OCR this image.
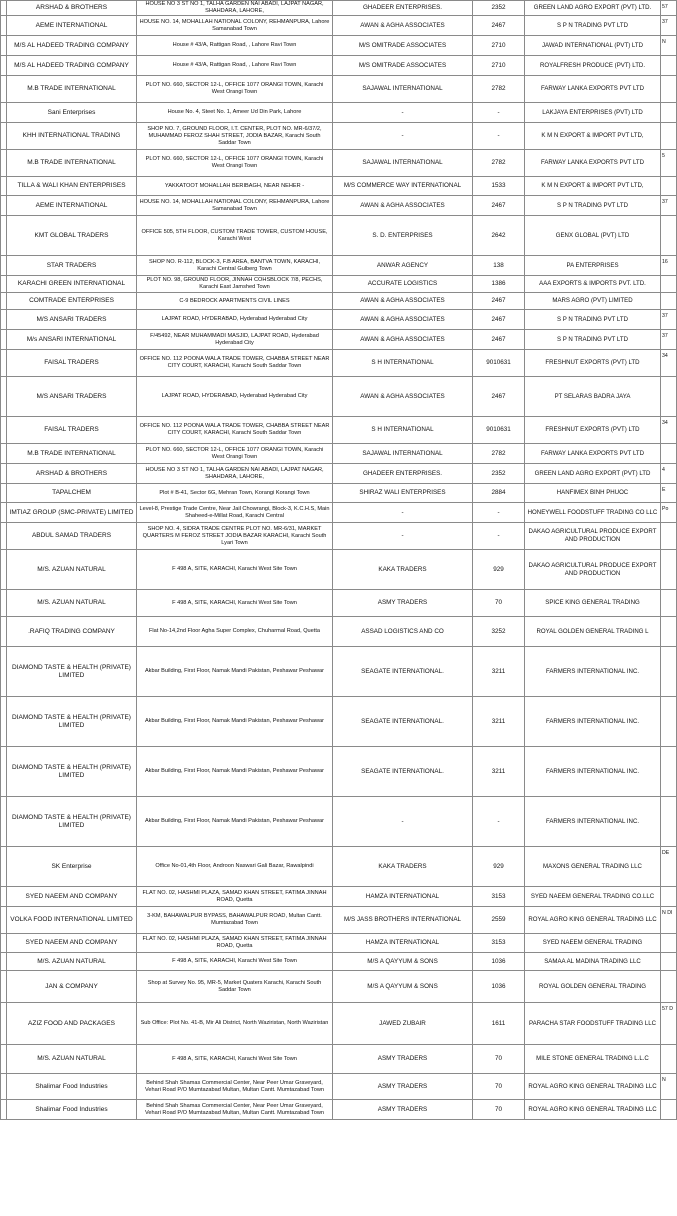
	ARSHAD & BROTHERS	HOUSE NO 3 ST NO 1, TALHA GARDEN NAI ABADI, LAJPAT NAGAR, SHAHDARA, LAHORE,	GHADEER ENTERPRISES.	2352	GREEN LAND AGRO EXPORT (PVT) LTD.	57
	AEME INTERNATIONAL	HOUSE NO. 14, MOHALLAH NATIONAL COLONY, REHMANPURA, Lahore Samanabad Town	AWAN & AGHA ASSOCIATES	2467	S P N TRADING PVT LTD	37
	M/S AL HADEED TRADING COMPANY	House # 43/A, Rattigan Road, , Lahore Ravi Town	M/S OMITRADE ASSOCIATES	2710	JAWAD INTERNATIONAL (PVT) LTD	N
	M/S AL HADEED TRADING COMPANY	House # 43/A, Rattigan Road, , Lahore Ravi Town	M/S OMITRADE ASSOCIATES	2710	ROYALFRESH PRODUCE (PVT) LTD.	
	M.B TRADE INTERNATIONAL	PLOT NO. 660, SECTOR 12-L, OFFICE 1077 ORANGI TOWN, Karachi West Orangi Town	SAJAWAL INTERNATIONAL	2782	FARWAY LANKA EXPORTS PVT LTD	
	Sani Enterprises	House No. 4, Steet No. 1, Ameer Ud Din Park, Lahore	-	-	LAKJAYA ENTERPRISES (PVT) LTD	
	KHH INTERNATIONAL TRADING	SHOP NO. 7, GROUND FLOOR, I.T. CENTER, PLOT NO. MR-6/37/2, MUHAMMAD FEROZ SHAH STREET, JODIA BAZAR, Karachi South Saddar Town	-	-	K M N EXPORT & IMPORT PVT LTD,	
	M.B TRADE INTERNATIONAL	PLOT NO. 660, SECTOR 12-L, OFFICE 1077 ORANGI TOWN, Karachi West Orangi Town	SAJAWAL INTERNATIONAL	2782	FARWAY LANKA EXPORTS PVT LTD	5
	TILLA & WALI KHAN ENTERPRISES	YAKKATOOT MOHALLAH BERIBAGH, NEAR NEHER -	M/S COMMERCE WAY INTERNATIONAL	1533	K M N EXPORT & IMPORT PVT LTD,	
	AEME INTERNATIONAL	HOUSE NO. 14, MOHALLAH NATIONAL COLONY, REHMANPURA, Lahore Samanabad Town	AWAN & AGHA ASSOCIATES	2467	S P N TRADING PVT LTD	37
	KMT GLOBAL TRADERS	OFFICE 505, 5TH FLOOR, CUSTOM TRADE TOWER, CUSTOM HOUSE, Karachi West	S. D. ENTERPRISES	2642	GENX GLOBAL (PVT) LTD	
	STAR TRADERS	SHOP NO. R-112, BLOCK-3, F.B AREA, BANTVA TOWN, KARACHI, Karachi Central Gulberg Town	ANWAR AGENCY	138	PA ENTERPRISES	16
	KARACHI GREEN INTERNATIONAL	PLOT NO. 98, GROUND FLOOR, JINNAH COHSBLOCK 7/8, PECHS, Karachi East Jamshed Town	ACCURATE LOGISTICS	1386	AAA EXPORTS & IMPORTS PVT. LTD.	
	COMTRADE ENTERPRISES	C-9 BEDROCK APARTMENTS CIVIL LINES	AWAN & AGHA ASSOCIATES	2467	MARS AGRO (PVT) LIMITED	
	M/S ANSARI TRADERS	LAJPAT ROAD, HYDERABAD, Hyderabad Hyderabad City	AWAN & AGHA ASSOCIATES	2467	S P N TRADING PVT LTD	37
	M/s ANSARI INTERNATIONAL	F/45492, NEAR MUHAMMADI MASJID, LAJPAT ROAD, Hyderabad Hyderabad City	AWAN & AGHA ASSOCIATES	2467	S P N TRADING PVT LTD	37
	FAISAL TRADERS	OFFICE NO. 112 POONA WALA TRADE TOWER, CHABBA STREET NEAR CITY COURT, KARACHI, Karachi South Saddar Town	S H INTERNATIONAL	9010631	FRESHNUT EXPORTS (PVT) LTD	34
	M/S ANSARI TRADERS	LAJPAT ROAD, HYDERABAD, Hyderabad Hyderabad City	AWAN & AGHA ASSOCIATES	2467	PT SELARAS BADRA JAYA	
	FAISAL TRADERS	OFFICE NO. 112 POONA WALA TRADE TOWER, CHABBA STREET NEAR CITY COURT, KARACHI, Karachi South Saddar Town	S H INTERNATIONAL	9010631	FRESHNUT EXPORTS (PVT) LTD	34
	M.B TRADE INTERNATIONAL	PLOT NO. 660, SECTOR 12-L, OFFICE 1077 ORANGI TOWN, Karachi West Orangi Town	SAJAWAL INTERNATIONAL	2782	FARWAY LANKA EXPORTS PVT LTD	
	ARSHAD & BROTHERS	HOUSE NO 3 ST NO 1, TALHA GARDEN NAI ABADI, LAJPAT NAGAR, SHAHDARA, LAHORE,	GHADEER ENTERPRISES.	2352	GREEN LAND AGRO EXPORT (PVT) LTD	4
	TAPALCHEM	Plot # B-41, Sector 6G, Mehran Town, Korangi Korangi Town	SHIRAZ WALI ENTERPRISES	2884	HANFIMEX BINH PHUOC	E
	IMTIAZ GROUP (SMC-PRIVATE) LIMITED	Level-8, Prestige Trade Centre, Near Jail Chowrangi, Block-3, K.C.H.S, Main Shaheed-e-Millat Road, Karachi Central	-	-	HONEYWELL FOODSTUFF TRADING CO LLC	Po
	ABDUL SAMAD TRADERS	SHOP NO. 4, SIDRA TRADE CENTRE PLOT NO. MR-6/31, MARKET QUARTERS M FEROZ STREET JODIA BAZAR KARACHI, Karachi South Lyari Town	-	-	DAKAO AGRICULTURAL PRODUCE EXPORT AND PRODUCTION	
	M/S. AZUAN NATURAL	F 498 A, SITE, KARACHI, Karachi West Site Town	KAKA TRADERS	929	DAKAO AGRICULTURAL PRODUCE EXPORT AND PRODUCTION	
	M/S. AZUAN NATURAL	F 498 A, SITE, KARACHI, Karachi West Site Town	ASMY TRADERS	70	SPICE KING GENERAL TRADING	
	.RAFIQ TRADING COMPANY	Flat No-14,2nd Floor Agha Super Complex, Chuharmal Road, Quetta	ASSAD LOGISTICS AND CO	3252	ROYAL GOLDEN GENERAL TRADING L	
	DIAMOND TASTE & HEALTH (PRIVATE) LIMITED	Akbar Building, First Floor, Namak Mandi Pakistan, Peshawar Peshawar	SEAGATE INTERNATIONAL.	3211	FARMERS INTERNATIONAL INC.	
	DIAMOND TASTE & HEALTH (PRIVATE) LIMITED	Akbar Building, First Floor, Namak Mandi Pakistan, Peshawar Peshawar	SEAGATE INTERNATIONAL.	3211	FARMERS INTERNATIONAL INC.	
	DIAMOND TASTE & HEALTH (PRIVATE) LIMITED	Akbar Building, First Floor, Namak Mandi Pakistan, Peshawar Peshawar	SEAGATE INTERNATIONAL.	3211	FARMERS INTERNATIONAL INC.	
	DIAMOND TASTE & HEALTH (PRIVATE) LIMITED	Akbar Building, First Floor, Namak Mandi Pakistan, Peshawar Peshawar	-	-	FARMERS INTERNATIONAL INC.	
	SK Enterprise	Office No-01,4th Floor, Androon Naswari Gali Bazar, Rawalpindi	KAKA TRADERS	929	MAXONS GENERAL TRADING LLC	DE
	SYED NAEEM AND COMPANY	FLAT NO. 02, HASHMI PLAZA, SAMAD KHAN STREET, FATIMA JINNAH ROAD, Quetta	HAMZA INTERNATIONAL	3153	SYED NAEEM GENERAL TRADING CO.LLC	
	VOLKA FOOD INTERNATIONAL LIMITED	3-KM, BAHAWALPUR BYPASS, BAHAWALPUR ROAD, Multan Cantt. Mumtazabad Town	M/S JASS BROTHERS INTERNATIONAL	2559	ROYAL AGRO KING GENERAL TRADING LLC	N DI
	SYED NAEEM AND COMPANY	FLAT NO. 02, HASHMI PLAZA, SAMAD KHAN STREET, FATIMA JINNAH ROAD, Quetta	HAMZA INTERNATIONAL	3153	SYED NAEEM GENERAL TRADING	
	M/S. AZUAN NATURAL	F 498 A, SITE, KARACHI, Karachi West Site Town	M/S A QAYYUM & SONS	1036	SAMAA AL MADINA TRADING LLC	
	JAN & COMPANY	Shop at Survey No. 95, MR-5, Market Quaters Karachi, Karachi South Saddar Town	M/S A QAYYUM & SONS	1036	ROYAL GOLDEN GENERAL TRADING	
	AZIZ FOOD AND PACKAGES	Sub Office: Plot No. 41-B, Mir Ali District, North Waziristan, North Waziristan	JAWED ZUBAIR	1611	PARACHA STAR FOODSTUFF TRADING LLC	57 D
	M/S. AZUAN NATURAL	F 498 A, SITE, KARACHI, Karachi West Site Town	ASMY TRADERS	70	MILE STONE GENERAL TRADING L.L.C	
	Shalimar Food Industries	Behind Shah Shamas Commercial Center, Near Peer Umar Graveyard, Vehari Road P/O Mumtazabad Multan, Multan Cantt. Mumtazabad Town	ASMY TRADERS	70	ROYAL AGRO KING GENERAL TRADING LLC	N
	Shalimar Food Industries	Behind Shah Shamas Commercial Center, Near Peer Umar Graveyard, Vehari Road P/O Mumtazabad Multan, Multan Cantt. Mumtazabad Town	ASMY TRADERS	70	ROYAL AGRO KING GENERAL TRADING LLC	
